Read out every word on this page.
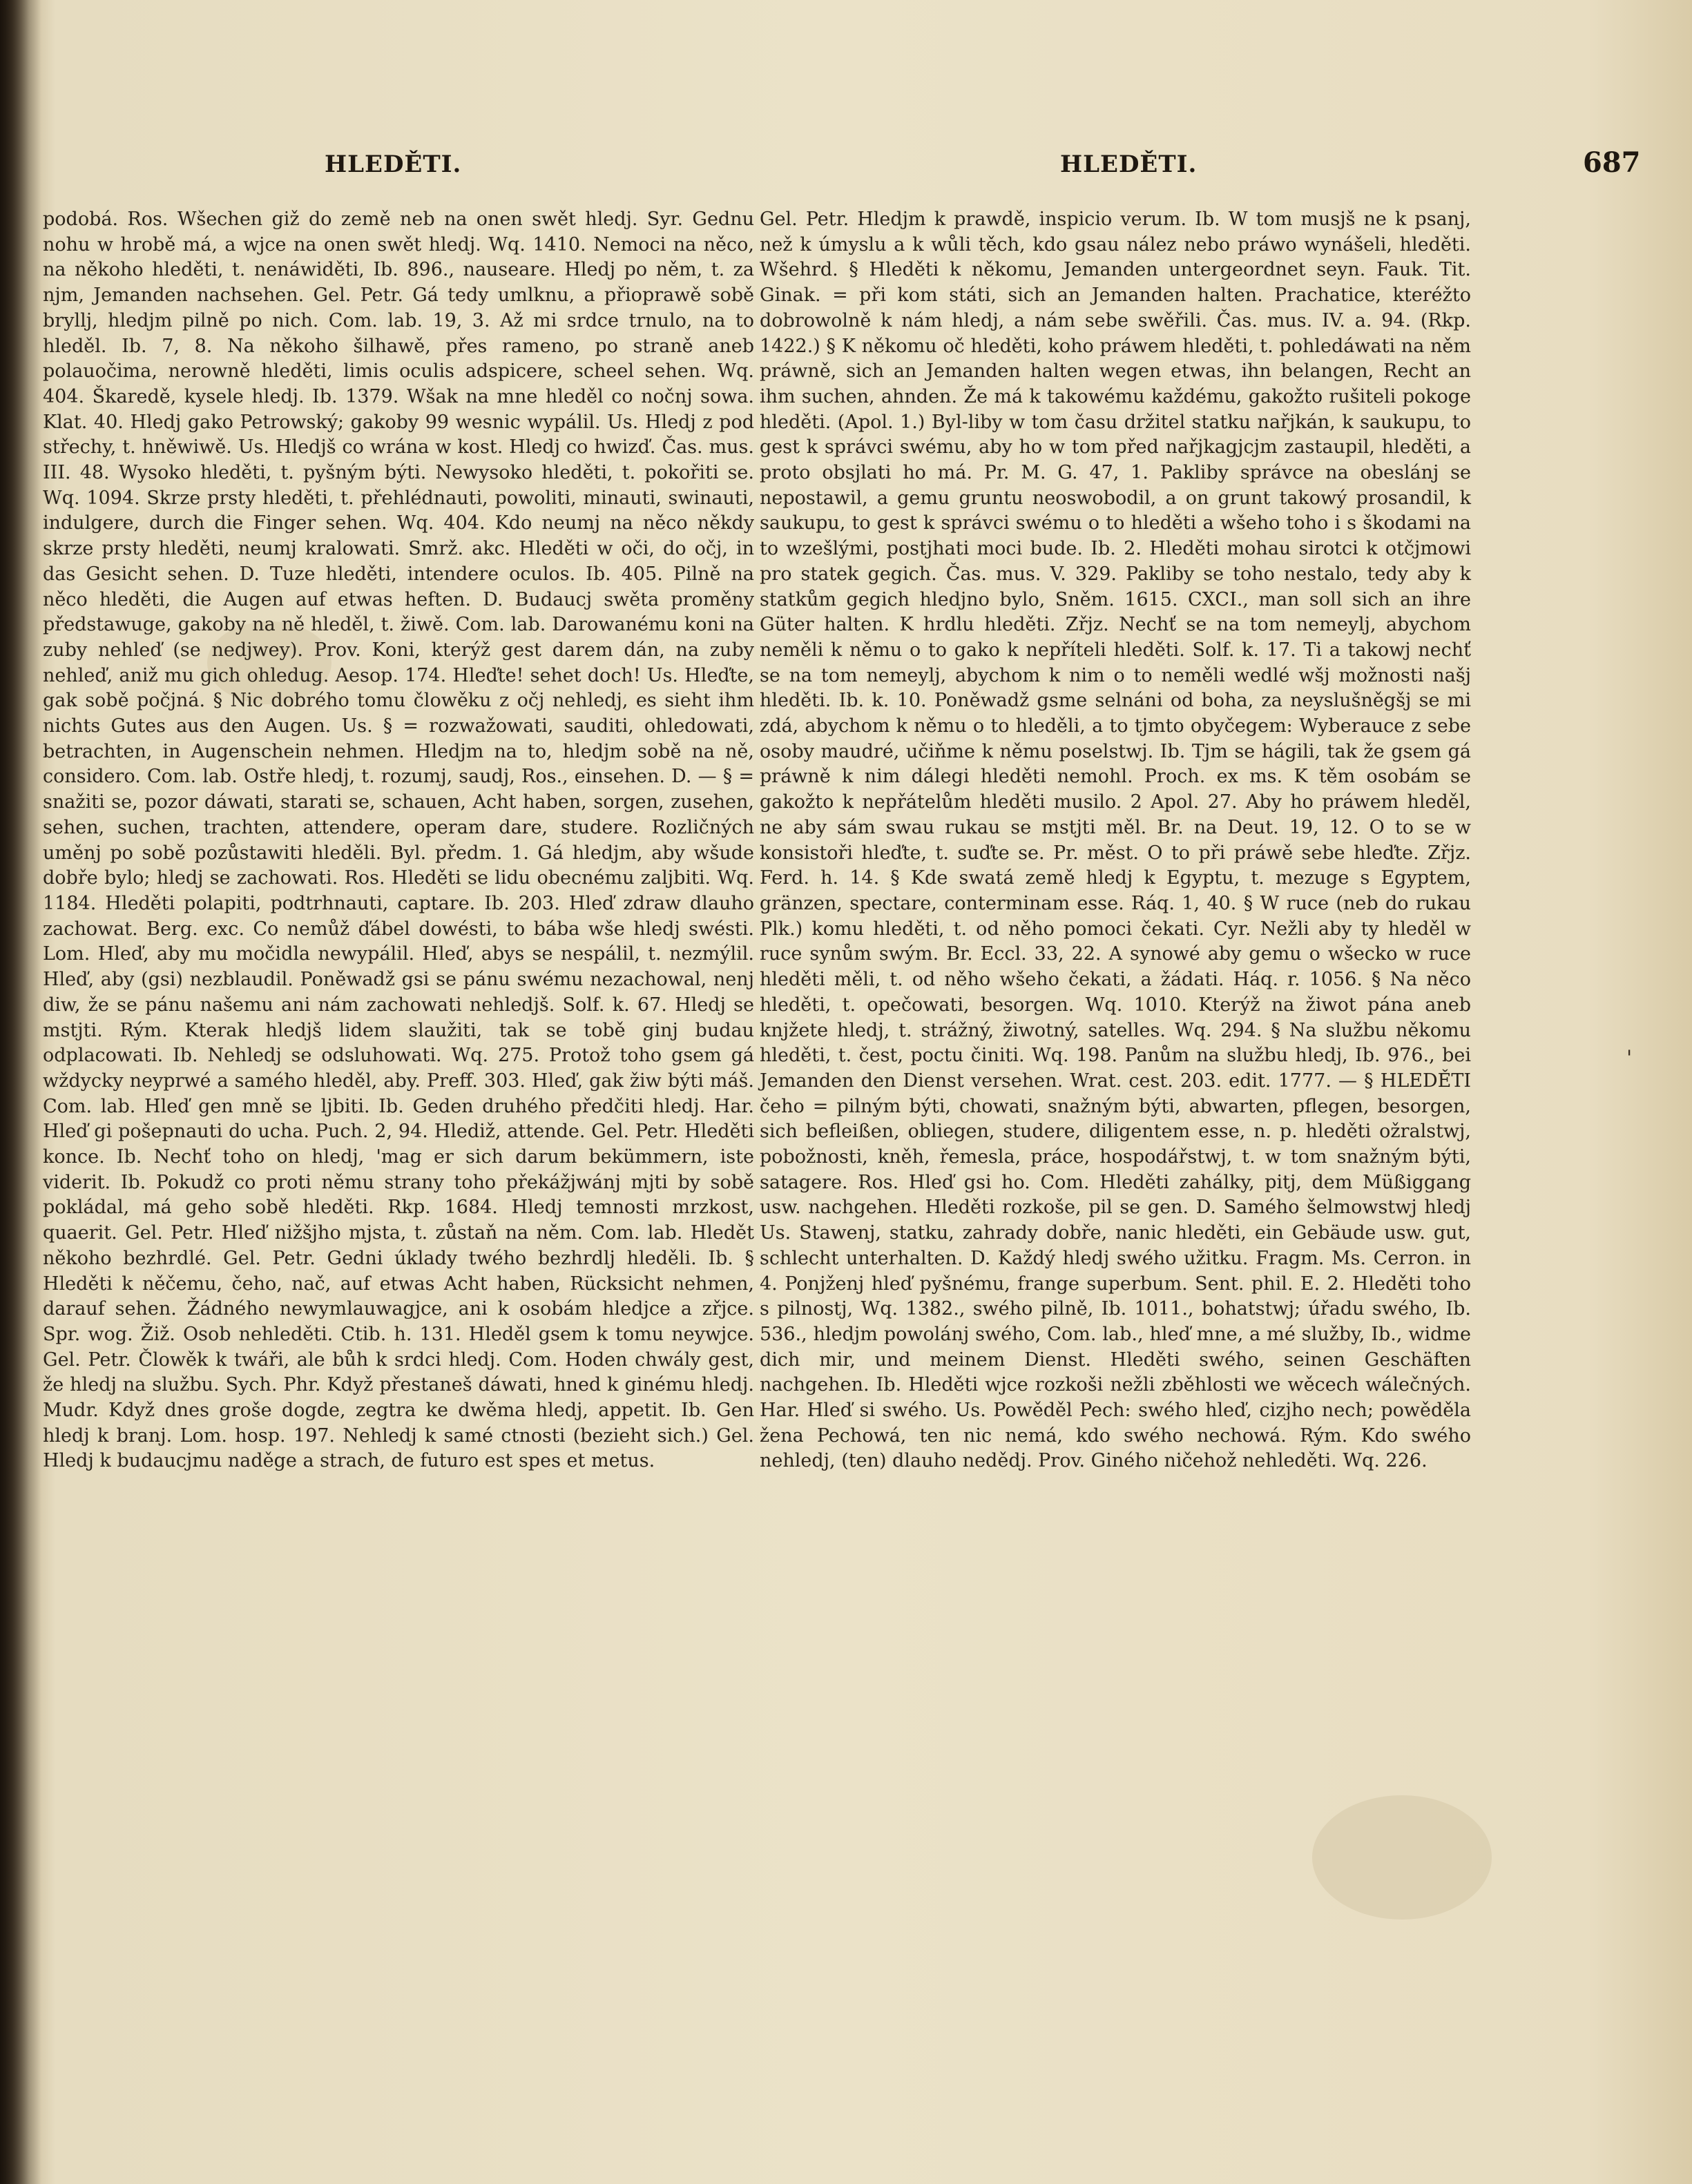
HLEDĚTI.	HLEDĚTI.	687

podobá. Ros. Wšechen giž do země neb na onen swět hledj. Syr. Gednu nohu w hrobě má, a wjce na onen swět hledj. Wq. 1410. Nemoci na něco, na někoho hleděti, t. nenáwiděti, Ib. 896., nauseare. Hledj po něm, t. za njm, Jemanden nachsehen. Gel. Petr. Gá tedy umlknu, a přioprawě sobě bryllj, hledjm pilně po nich. Com. lab. 19, 3. Až mi srdce trnulo, na to hleděl. Ib. 7, 8. Na někoho šilhawě, přes rameno, po straně aneb polauočima, nerowně hleděti, limis oculis adspicere, scheel sehen. Wq. 404. Škaredě, kysele hledj. Ib. 1379. Wšak na mne hleděl co nočnj sowa. Klat. 40. Hledj gako Petrowský; gakoby 99 wesnic wypálil. Us. Hledj z pod střechy, t. hněwiwě. Us. Hledjš co wrána w kost. Hledj co hwizď. Čas. mus. III. 48. Wysoko hleděti, t. pyšným býti. Newysoko hleděti, t. pokořiti se. Wq. 1094. Skrze prsty hleděti, t. přehlédnauti, powoliti, minauti, swinauti, indulgere, durch die Finger sehen. Wq. 404. Kdo neumj na něco někdy skrze prsty hleděti, neumj kralowati. Smrž. akc. Hleděti w oči, do očj, in das Gesicht sehen. D. Tuze hleděti, intendere oculos. Ib. 405. Pilně na něco hleděti, die Augen auf etwas heften. D. Budaucj swěta proměny předstawuge, gakoby na ně hleděl, t. žiwě. Com. lab. Darowanému koni na zuby nehleď (se nedjwey). Prov. Koni, kterýž gest darem dán, na zuby nehleď, aniž mu gich ohledug. Aesop. 174. Hleďte! sehet doch! Us. Hleďte, gak sobě počjná. § Nic dobrého tomu člowěku z očj nehledj, es sieht ihm nichts Gutes aus den Augen. Us. § = rozwažowati, sauditi, ohledowati, betrachten, in Augenschein nehmen. Hledjm na to, hledjm sobě na ně, considero. Com. lab. Ostře hledj, t. rozumj, saudj, Ros., einsehen. D. — § = snažiti se, pozor dáwati, starati se, schauen, Acht haben, sorgen, zusehen, sehen, suchen, trachten, attendere, operam dare, studere. Rozličných uměnj po sobě pozůstawiti hleděli. Byl. předm. 1. Gá hledjm, aby wšude dobře bylo; hledj se zachowati. Ros. Hleděti se lidu obecnému zaljbiti. Wq. 1184. Hleděti polapiti, podtrhnauti, captare. Ib. 203. Hleď zdraw dlauho zachowat. Berg. exc. Co nemůž ďábel dowésti, to bába wše hledj swésti. Lom. Hleď, aby mu močidla newypálil. Hleď, abys se nespálil, t. nezmýlil. Hleď, aby (gsi) nezblaudil. Poněwadž gsi se pánu swému nezachowal, nenj diw, že se pánu našemu ani nám zachowati nehledjš. Solf. k. 67. Hledj se mstjti. Rým. Kterak hledjš lidem slaužiti, tak se tobě ginj budau odplacowati. Ib. Nehledj se odsluhowati. Wq. 275. Protož toho gsem gá wždycky neyprwé a samého hleděl, aby. Preff. 303. Hleď, gak žiw býti máš. Com. lab. Hleď gen mně se ljbiti. Ib. Geden druhého předčiti hledj. Har. Hleď gi pošepnauti do ucha. Puch. 2, 94. Hlediž, attende. Gel. Petr. Hleděti konce. Ib. Nechť toho on hledj, 'mag er sich darum bekümmern, iste viderit. Ib. Pokudž co proti němu strany toho překážjwánj mjti by sobě pokládal, má geho sobě hleděti. Rkp. 1684. Hledj temnosti mrzkost, quaerit. Gel. Petr. Hleď nižšjho mjsta, t. zůstaň na něm. Com. lab. Hledět někoho bezhrdlé. Gel. Petr. Gedni úklady twého bezhrdlj hleděli. Ib. § Hleděti k něčemu, čeho, nač, auf etwas Acht haben, Rücksicht nehmen, darauf sehen. Žádného newymlauwagjce, ani k osobám hledjce a zřjce. Spr. wog. Žiž. Osob nehleděti. Ctib. h. 131. Hleděl gsem k tomu neywjce. Gel. Petr. Člowěk k twáři, ale bůh k srdci hledj. Com. Hoden chwály gest, že hledj na službu. Sych. Phr. Když přestaneš dáwati, hned k ginému hledj. Mudr. Když dnes groše dogde, zegtra ke dwěma hledj, appetit. Ib. Gen hledj k branj. Lom. hosp. 197. Nehledj k samé ctnosti (bezieht sich.) Gel. Hledj k budaucjmu naděge a strach, de futuro est spes et metus.

Gel. Petr. Hledjm k prawdě, inspicio verum. Ib. W tom musjš ne k psanj, než k úmyslu a k wůli těch, kdo gsau nález nebo práwo wynášeli, hleděti. Wšehrd. § Hleděti k někomu, Jemanden untergeordnet seyn. Fauk. Tit. Ginak. = při kom státi, sich an Jemanden halten. Prachatice, kteréžto dobrowolně k nám hledj, a nám sebe swěřili. Čas. mus. IV. a. 94. (Rkp. 1422.) § K někomu oč hleděti, koho práwem hleděti, t. pohledáwati na něm práwně, sich an Jemanden halten wegen etwas, ihn belangen, Recht an ihm suchen, ahnden. Že má k takowému každému, gakožto rušiteli pokoge hleděti. (Apol. 1.) Byl-liby w tom času držitel statku nařjkán, k saukupu, to gest k správci swému, aby ho w tom před nařjkagjcjm zastaupil, hleděti, a proto obsjlati ho má. Pr. M. G. 47, 1. Pakliby správce na obeslánj se nepostawil, a gemu gruntu neoswobodil, a on grunt takowý prosandil, k saukupu, to gest k správci swému o to hleděti a wšeho toho i s škodami na to wzešlými, postjhati moci bude. Ib. 2. Hleděti mohau sirotci k otčjmowi pro statek gegich. Čas. mus. V. 329. Pakliby se toho nestalo, tedy aby k statkům gegich hledjno bylo, Sněm. 1615. CXCI., man soll sich an ihre Güter halten. K hrdlu hleděti. Zřjz. Nechť se na tom nemeylj, abychom neměli k němu o to gako k nepříteli hleděti. Solf. k. 17. Ti a takowj nechť se na tom nemeylj, abychom k nim o to neměli wedlé wšj možnosti našj hleděti. Ib. k. 10. Poněwadž gsme selnáni od boha, za neyslušněgšj se mi zdá, abychom k němu o to hleděli, a to tjmto obyčegem: Wyberauce z sebe osoby maudré, učiňme k němu poselstwj. Ib. Tjm se hágili, tak že gsem gá práwně k nim dálegi hleděti nemohl. Proch. ex ms. K těm osobám se gakožto k nepřátelům hleděti musilo. 2 Apol. 27. Aby ho práwem hleděl, ne aby sám swau rukau se mstjti měl. Br. na Deut. 19, 12. O to se w konsistoři hleďte, t. suďte se. Pr. měst. O to při práwě sebe hleďte. Zřjz. Ferd. h. 14. § Kde swatá země hledj k Egyptu, t. mezuge s Egyptem, gränzen, spectare, conterminam esse. Ráq. 1, 40. § W ruce (neb do rukau Plk.) komu hleděti, t. od něho pomoci čekati. Cyr. Nežli aby ty hleděl w ruce synům swým. Br. Eccl. 33, 22. A synowé aby gemu o wšecko w ruce hleděti měli, t. od něho wšeho čekati, a žádati. Háq. r. 1056. § Na něco hleděti, t. opečowati, besorgen. Wq. 1010. Kterýž na žiwot pána aneb knjžete hledj, t. strážný, žiwotný, satelles. Wq. 294. § Na službu někomu hleděti, t. čest, poctu činiti. Wq. 198. Panům na službu hledj, Ib. 976., bei Jemanden den Dienst versehen. Wrat. cest. 203. edit. 1777. — § HLEDĚTI čeho = pilným býti, chowati, snažným býti, abwarten, pflegen, besorgen, sich befleißen, obliegen, studere, diligentem esse, n. p. hleděti ožralstwj, pobožnosti, kněh, řemesla, práce, hospodářstwj, t. w tom snažným býti, satagere. Ros. Hleď gsi ho. Com. Hleděti zahálky, pitj, dem Müßiggang usw. nachgehen. Hleděti rozkoše, pil se gen. D. Samého šelmowstwj hledj Us. Stawenj, statku, zahrady dobře, nanic hleděti, ein Gebäude usw. gut, schlecht unterhalten. D. Každý hledj swého užitku. Fragm. Ms. Cerron. in 4. Ponjženj hleď pyšnému, frange superbum. Sent. phil. E. 2. Hleděti toho s pilnostj, Wq. 1382., swého pilně, Ib. 1011., bohatstwj; úřadu swého, Ib. 536., hledjm powolánj swého, Com. lab., hleď mne, a mé služby, Ib., widme dich mir, und meinem Dienst. Hleděti swého, seinen Geschäften nachgehen. Ib. Hleděti wjce rozkoši nežli zběhlosti we wěcech wálečných. Har. Hleď si swého. Us. Powěděl Pech: swého hleď, cizjho nech; powěděla žena Pechowá, ten nic nemá, kdo swého nechowá. Rým. Kdo swého nehledj, (ten) dlauho nedědj. Prov. Giného ničehož nehleděti. Wq. 226.

'
